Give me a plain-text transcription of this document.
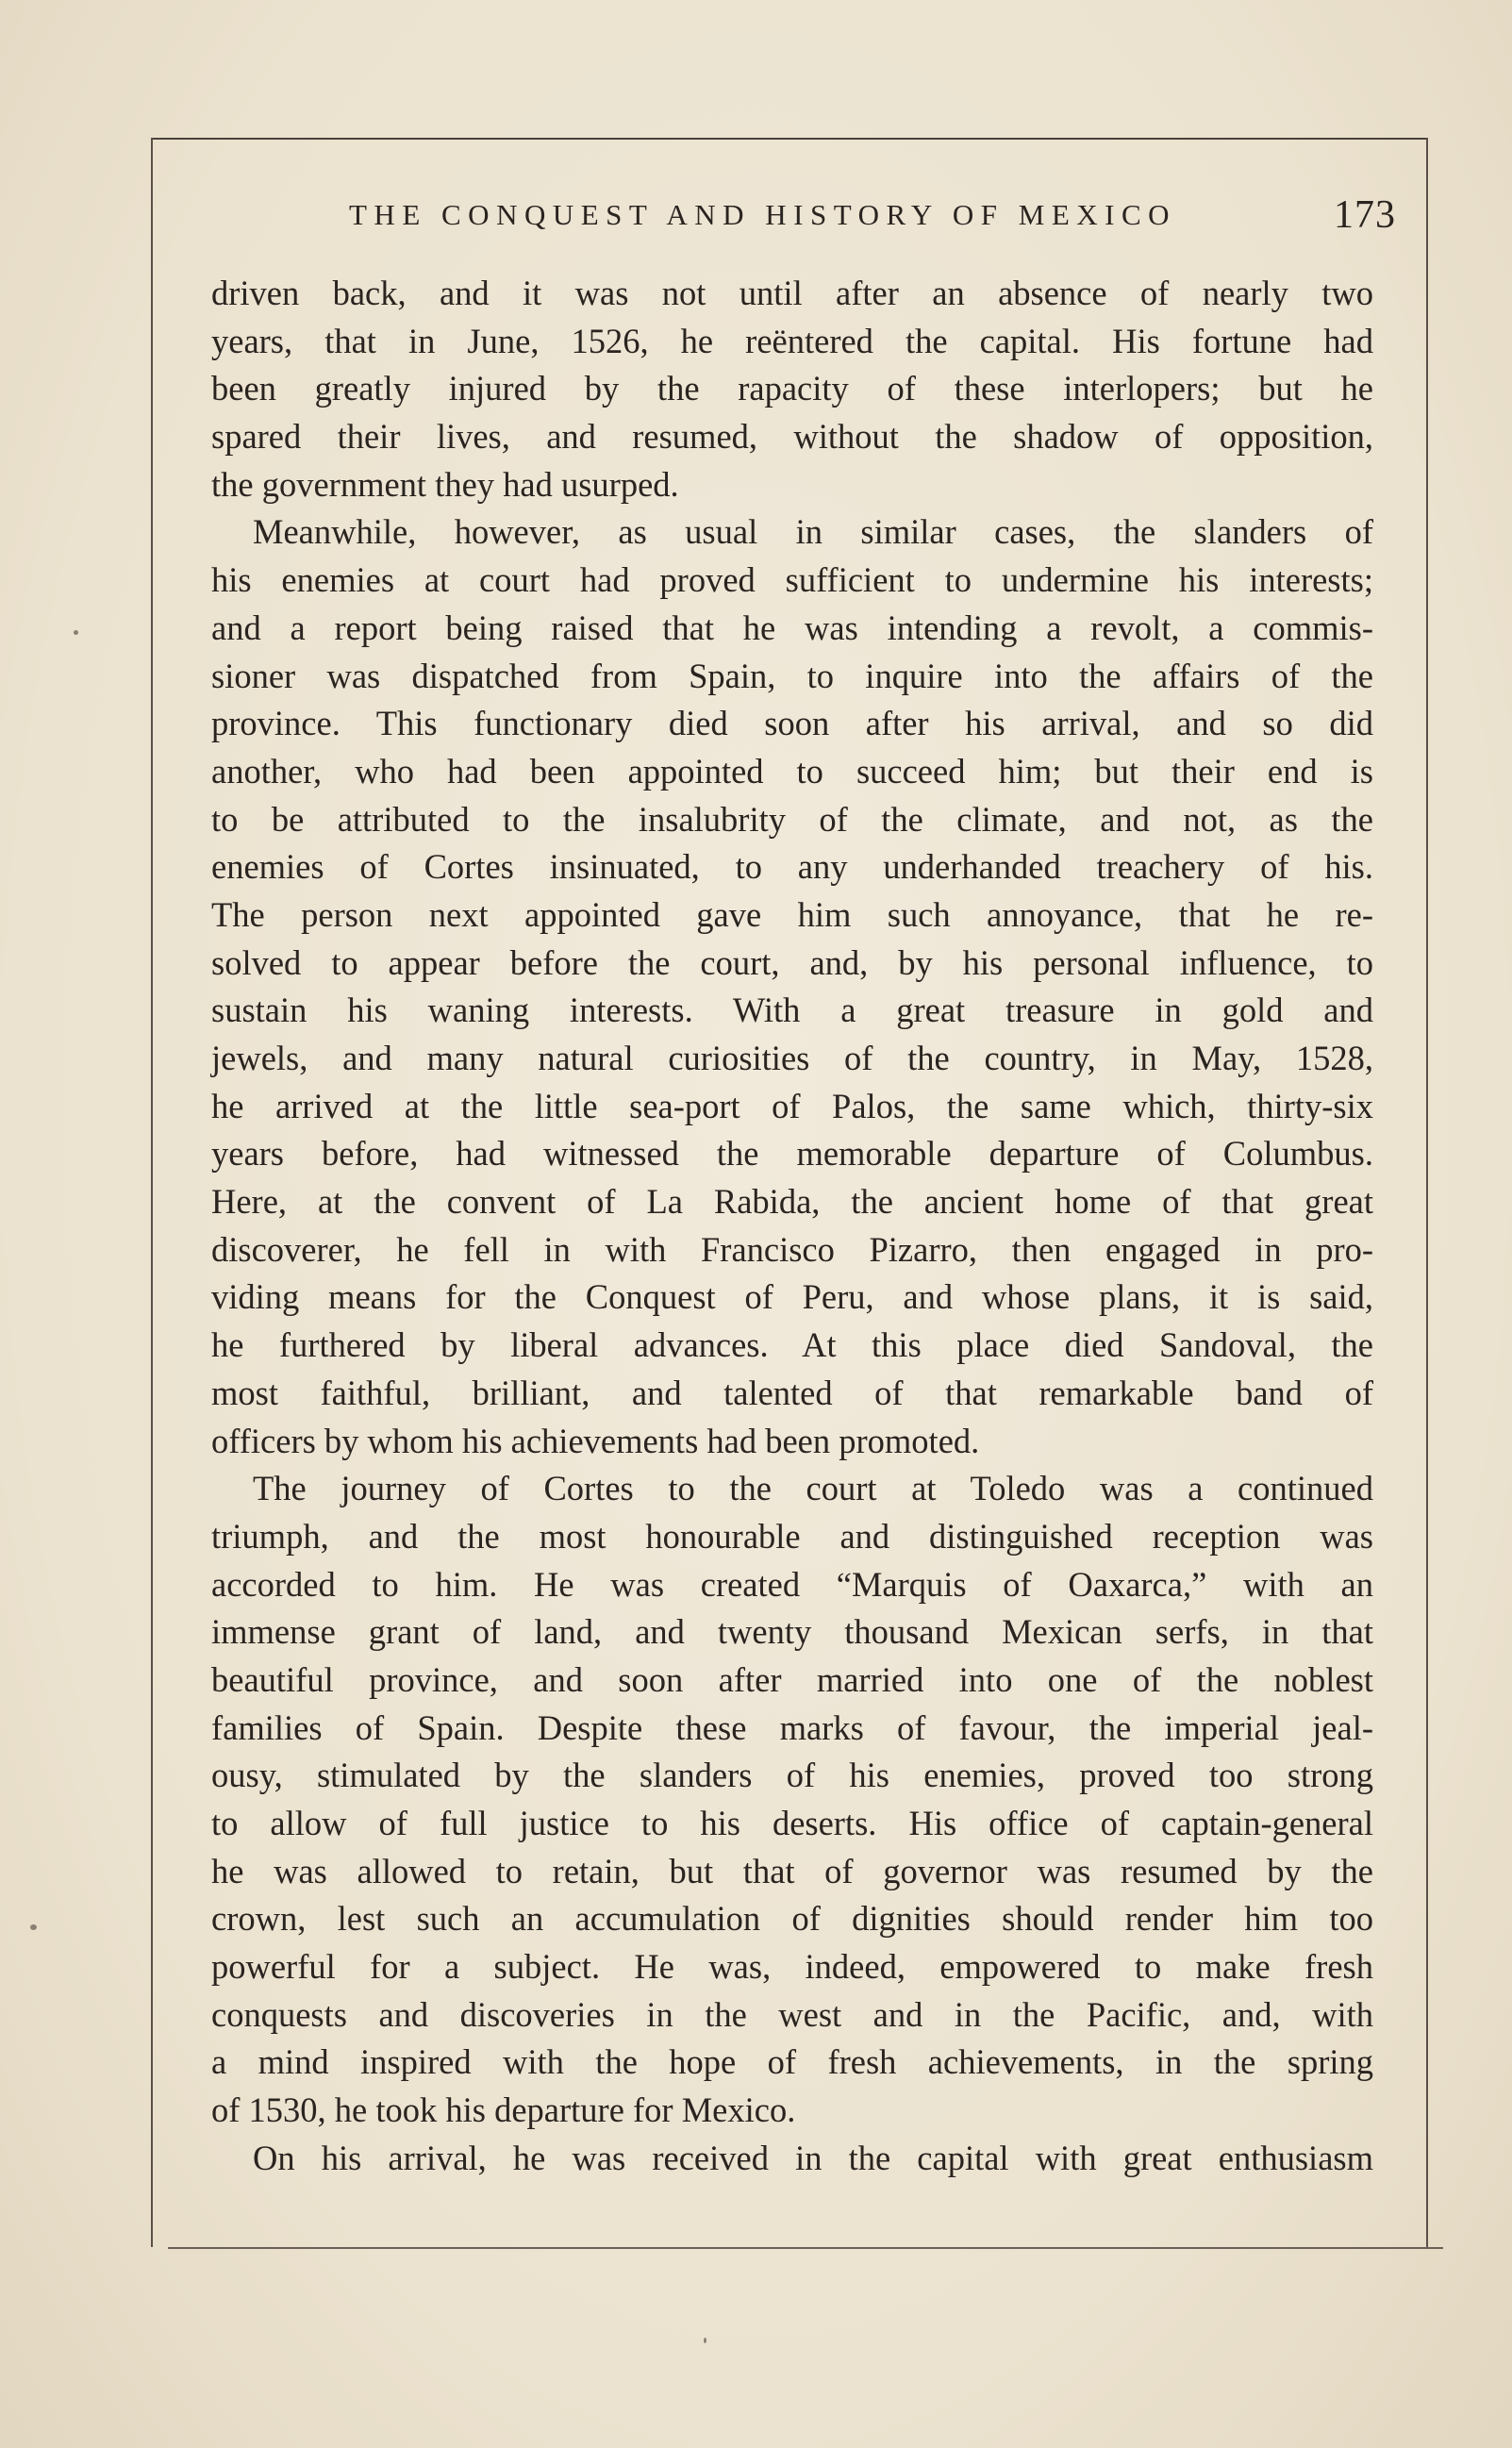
THE CONQUEST AND HISTORY OF MEXICO	173
driven back, and it was not until after an absence of nearly two
years, that in June, 1526, he reëntered the capital. His fortune had
been greatly injured by the rapacity of these interlopers; but he
spared their lives, and resumed, without the shadow of opposition,
the government they had usurped.
Meanwhile, however, as usual in similar cases, the slanders of
his enemies at court had proved sufficient to undermine his interests;
and a report being raised that he was intending a revolt, a commis-
sioner was dispatched from Spain, to inquire into the affairs of the
province. This functionary died soon after his arrival, and so did
another, who had been appointed to succeed him; but their end is
to be attributed to the insalubrity of the climate, and not, as the
enemies of Cortes insinuated, to any underhanded treachery of his.
The person next appointed gave him such annoyance, that he re-
solved to appear before the court, and, by his personal influence, to
sustain his waning interests. With a great treasure in gold and
jewels, and many natural curiosities of the country, in May, 1528,
he arrived at the little sea-port of Palos, the same which, thirty-six
years before, had witnessed the memorable departure of Columbus.
Here, at the convent of La Rabida, the ancient home of that great
discoverer, he fell in with Francisco Pizarro, then engaged in pro-
viding means for the Conquest of Peru, and whose plans, it is said,
he furthered by liberal advances. At this place died Sandoval, the
most faithful, brilliant, and talented of that remarkable band of
officers by whom his achievements had been promoted.
The journey of Cortes to the court at Toledo was a continued
triumph, and the most honourable and distinguished reception was
accorded to him. He was created “Marquis of Oaxarca,” with an
immense grant of land, and twenty thousand Mexican serfs, in that
beautiful province, and soon after married into one of the noblest
families of Spain. Despite these marks of favour, the imperial jeal-
ousy, stimulated by the slanders of his enemies, proved too strong
to allow of full justice to his deserts. His office of captain-general
he was allowed to retain, but that of governor was resumed by the
crown, lest such an accumulation of dignities should render him too
powerful for a subject. He was, indeed, empowered to make fresh
conquests and discoveries in the west and in the Pacific, and, with
a mind inspired with the hope of fresh achievements, in the spring
of 1530, he took his departure for Mexico.
On his arrival, he was received in the capital with great enthusiasm
